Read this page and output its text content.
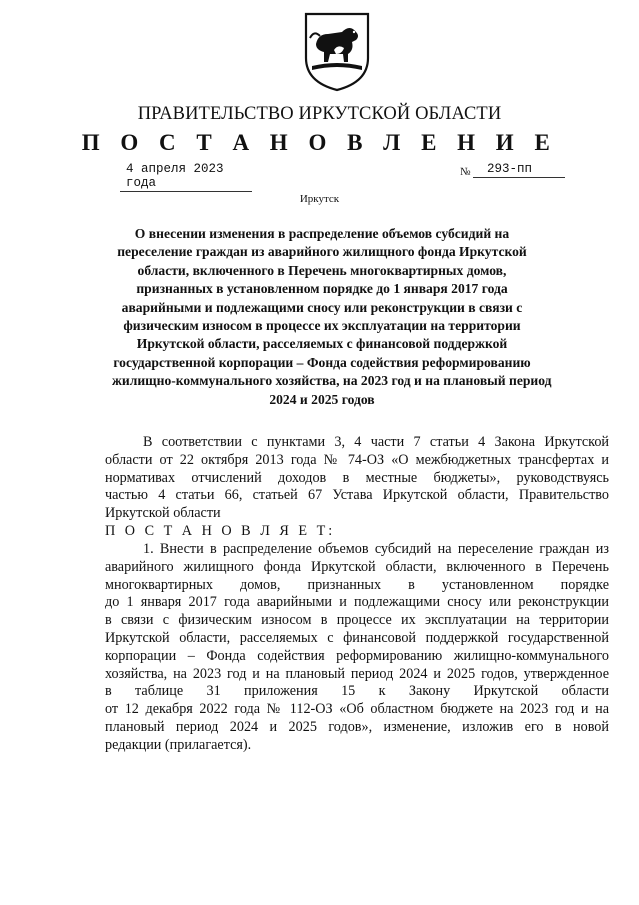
ПРАВИТЕЛЬСТВО ИРКУТСКОЙ ОБЛАСТИ
П О С Т А Н О В Л Е Н И Е
4 апреля 2023 года
№	293-пп
Иркутск
О внесении изменения в распределение объемов субсидий на
переселение граждан из аварийного жилищного фонда Иркутской
области, включенного в Перечень многоквартирных домов,
признанных в установленном порядке до 1 января 2017 года
аварийными и подлежащими сносу или реконструкции в связи с
физическим износом в процессе их эксплуатации на территории
Иркутской области, расселяемых с финансовой поддержкой
государственной корпорации – Фонда содействия реформированию
жилищно-коммунального хозяйства, на 2023 год и на плановый период
2024 и 2025 годов
В соответствии с пунктами 3, 4 части 7 статьи 4 Закона Иркутской
области от 22 октября 2013 года № 74-ОЗ «О межбюджетных трансфертах и
нормативах отчислений доходов в местные бюджеты», руководствуясь
частью 4 статьи 66, статьей 67 Устава Иркутской области, Правительство
Иркутской области
П О С Т А Н О В Л Я Е Т:
1. Внести в распределение объемов субсидий на переселение граждан из
аварийного жилищного фонда Иркутской области, включенного в Перечень
многоквартирных домов, признанных в установленном порядке
до 1 января 2017 года аварийными и подлежащими сносу или реконструкции
в связи с физическим износом в процессе их эксплуатации на территории
Иркутской области, расселяемых с финансовой поддержкой государственной
корпорации – Фонда содействия реформированию жилищно-коммунального
хозяйства, на 2023 год и на плановый период 2024 и 2025 годов, утвержденное
в таблице 31 приложения 15 к Закону Иркутской области
от 12 декабря 2022 года № 112-ОЗ «Об областном бюджете на 2023 год и на
плановый период 2024 и 2025 годов», изменение, изложив его в новой
редакции (прилагается).
